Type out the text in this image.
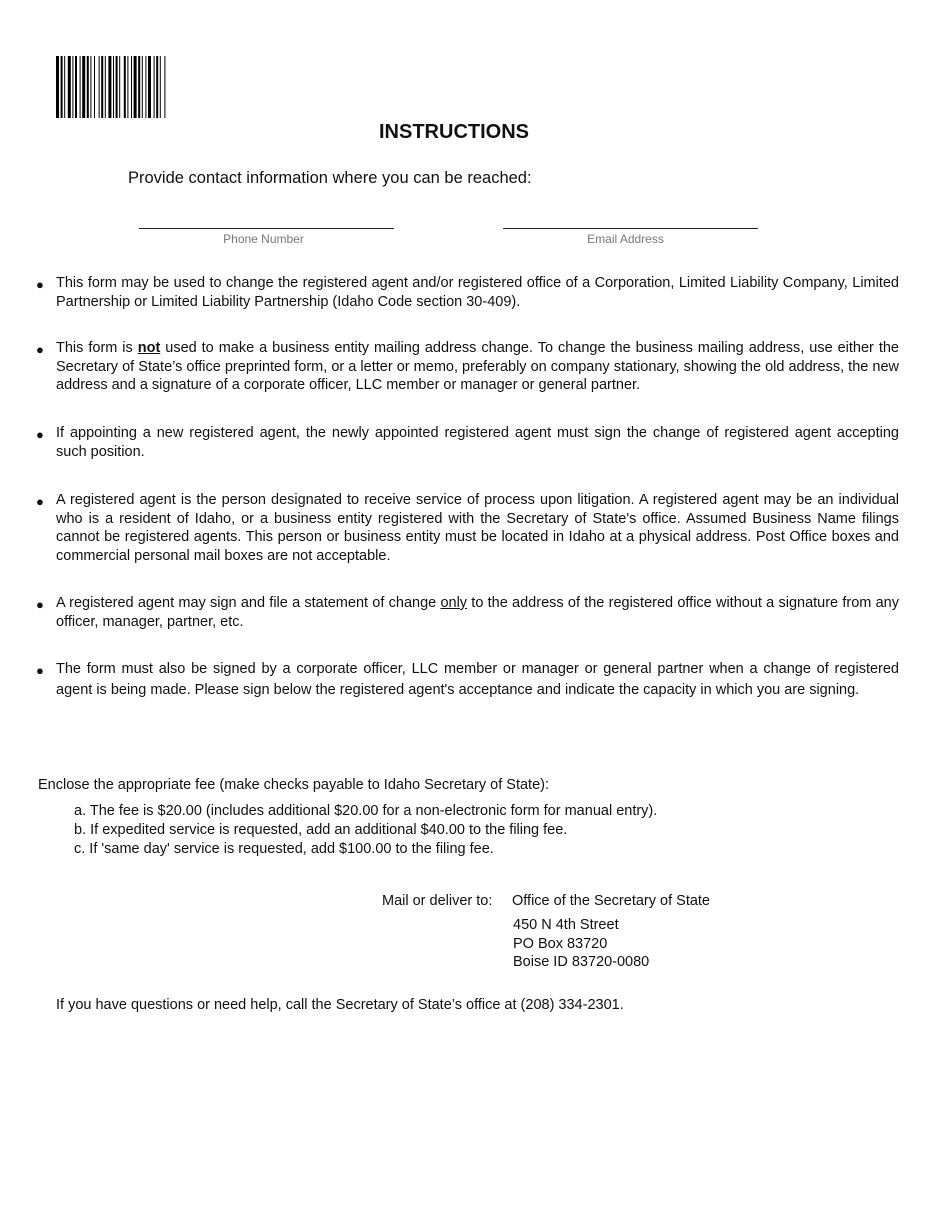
INSTRUCTIONS
Provide contact information where you can be reached:
Phone Number	Email Address
● This form may be used to change the registered agent and/or registered office of a Corporation, Limited Liability Company, Limited Partnership or Limited Liability Partnership (Idaho Code section 30-409).
● This form is not used to make a business entity mailing address change. To change the business mailing address, use either the Secretary of State’s office preprinted form, or a letter or memo, preferably on company stationary, showing the old address, the new address and a signature of a corporate officer, LLC member or manager or general partner.
● If appointing a new registered agent, the newly appointed registered agent must sign the change of registered agent accepting such position.
● A registered agent is the person designated to receive service of process upon litigation. A registered agent may be an individual who is a resident of Idaho, or a business entity registered with the Secretary of State's office. Assumed Business Name filings cannot be registered agents. This person or business entity must be located in Idaho at a physical address. Post Office boxes and commercial personal mail boxes are not acceptable.
● A registered agent may sign and file a statement of change only to the address of the registered office without a signature from any officer, manager, partner, etc.
● The form must also be signed by a corporate officer, LLC member or manager or general partner when a change of registered agent is being made. Please sign below the registered agent's acceptance and indicate the capacity in which you are signing.
Enclose the appropriate fee (make checks payable to Idaho Secretary of State):
a. The fee is $20.00 (includes additional $20.00 for a non-electronic form for manual entry).
b. If expedited service is requested, add an additional $40.00 to the filing fee.
c. If 'same day' service is requested, add $100.00 to the filing fee.
Mail or deliver to: Office of the Secretary of State
450 N 4th Street
PO Box 83720
Boise ID 83720-0080
If you have questions or need help, call the Secretary of State’s office at (208) 334-2301.
